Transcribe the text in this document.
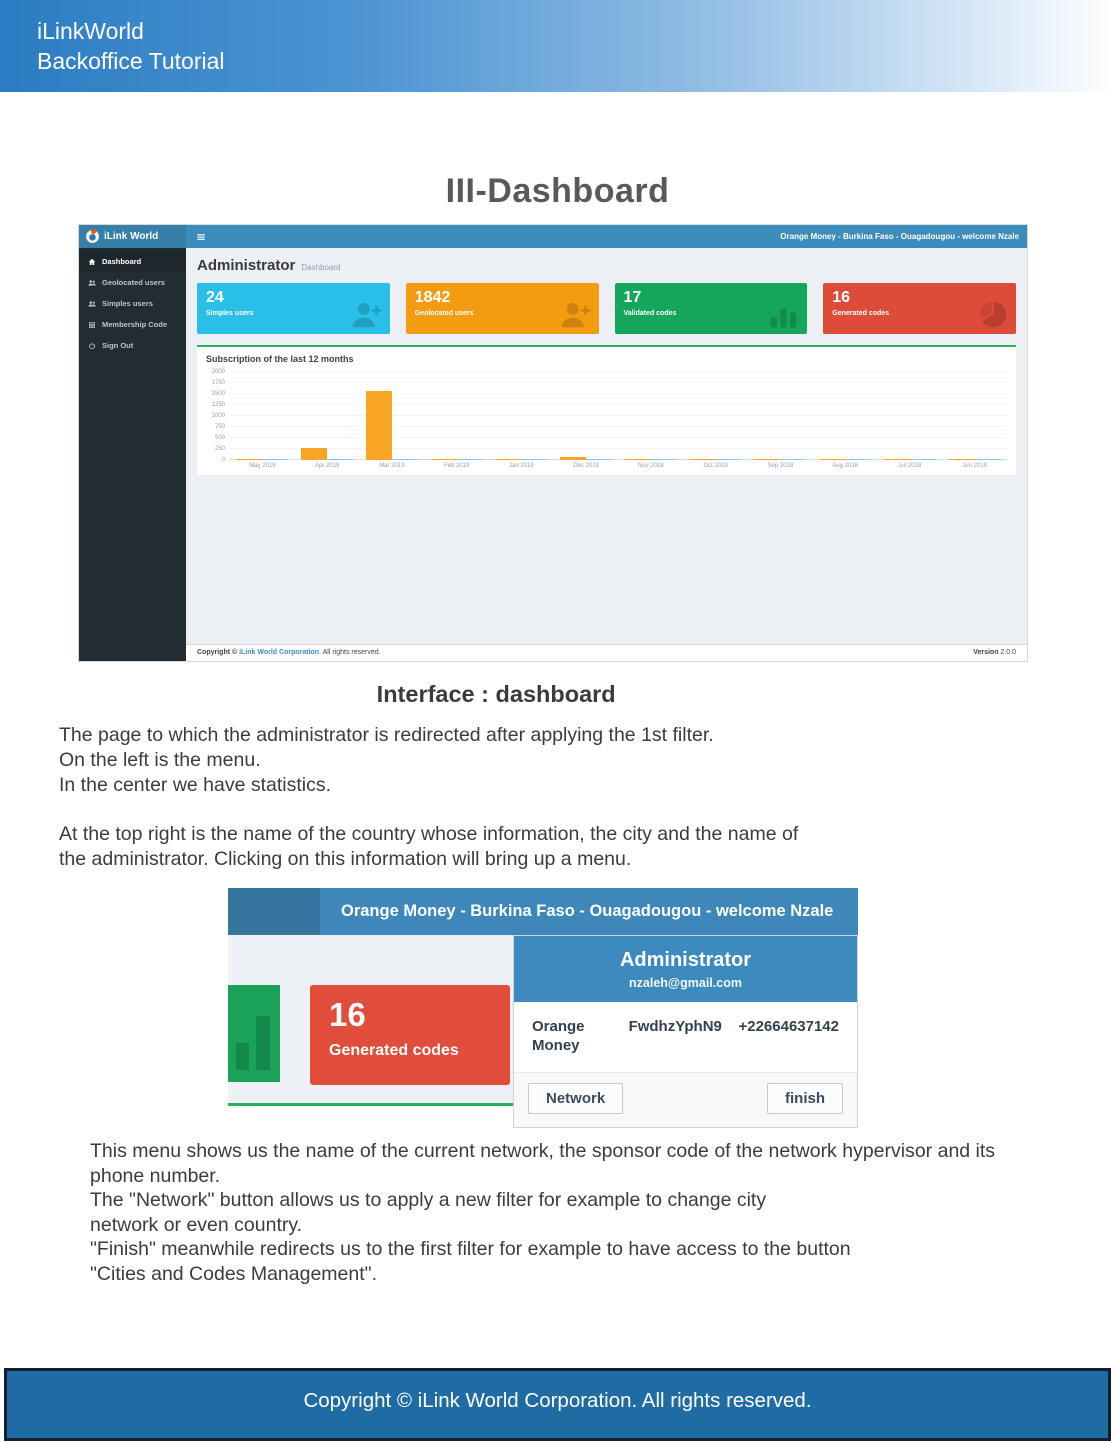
iLinkWorld
Backoffice Tutorial
III-Dashboard
iLink World	Orange Money - Burkina Faso - Ouagadougou - welcome Nzale
Dashboard
Geolocated users
Simples users
Membership Code
Sign Out
Administrator Dashboard
24
Simples users
1842
Geolocated users
17
Validated codes
16
Generated codes
Subscription of the last 12 months
0
250
500
750
1000
1250
1500
1750
2000
May 2019	Apr 2019	Mar 2019	Feb 2019	Jan 2019	Dec 2018	Nov 2018	Oct 2018	Sep 2018	Aug 2018	Jul 2018	Jun 2018
Copyright © iLink World Corporation. All rights reserved.	Version 2.0.0
Interface : dashboard
The page to which the administrator is redirected after applying the 1st filter.
On the left is the menu.
In the center we have statistics.
At the top right is the name of the country whose information, the city and the name of
the administrator. Clicking on this information will bring up a menu.
Orange Money - Burkina Faso - Ouagadougou - welcome Nzale
16
Generated codes
Administrator
nzaleh@gmail.com
Orange Money
FwdhzYphN9 +22664637142
Network	finish
This menu shows us the name of the current network, the sponsor code of the network hypervisor and its
phone number.
The "Network" button allows us to apply a new filter for example to change city
network or even country.
"Finish" meanwhile redirects us to the first filter for example to have access to the button
"Cities and Codes Management".
Copyright © iLink World Corporation. All rights reserved.
